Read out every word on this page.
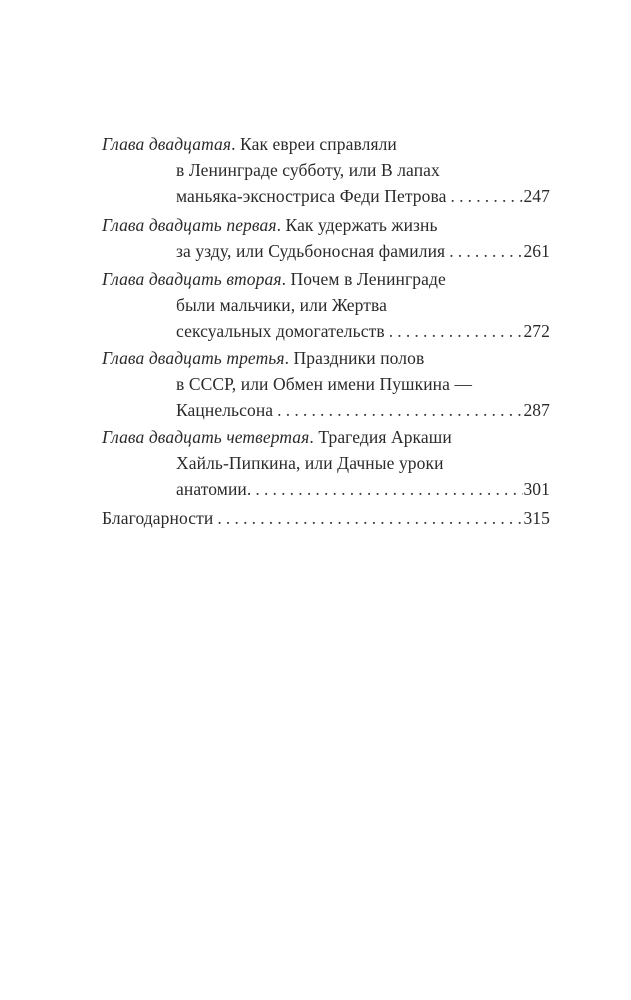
Глава двадцатая. Как евреи справляли
в Ленинграде субботу, или В лапах
маньяка-эксностриса Феди Петрова .....	247
Глава двадцать первая. Как удержать жизнь
за узду, или Судьбоносная фамилия .....	261
Глава двадцать вторая. Почем в Ленинграде
были мальчики, или Жертва
сексуальных домогательств .....	272
Глава двадцать третья. Праздники полов
в СССР, или Обмен имени Пушкина —
Кацнельсона .....	287
Глава двадцать четвертая. Трагедия Аркаши
Хайль-Пипкина, или Дачные уроки
анатомии. .....	301
Благодарности .....	315
